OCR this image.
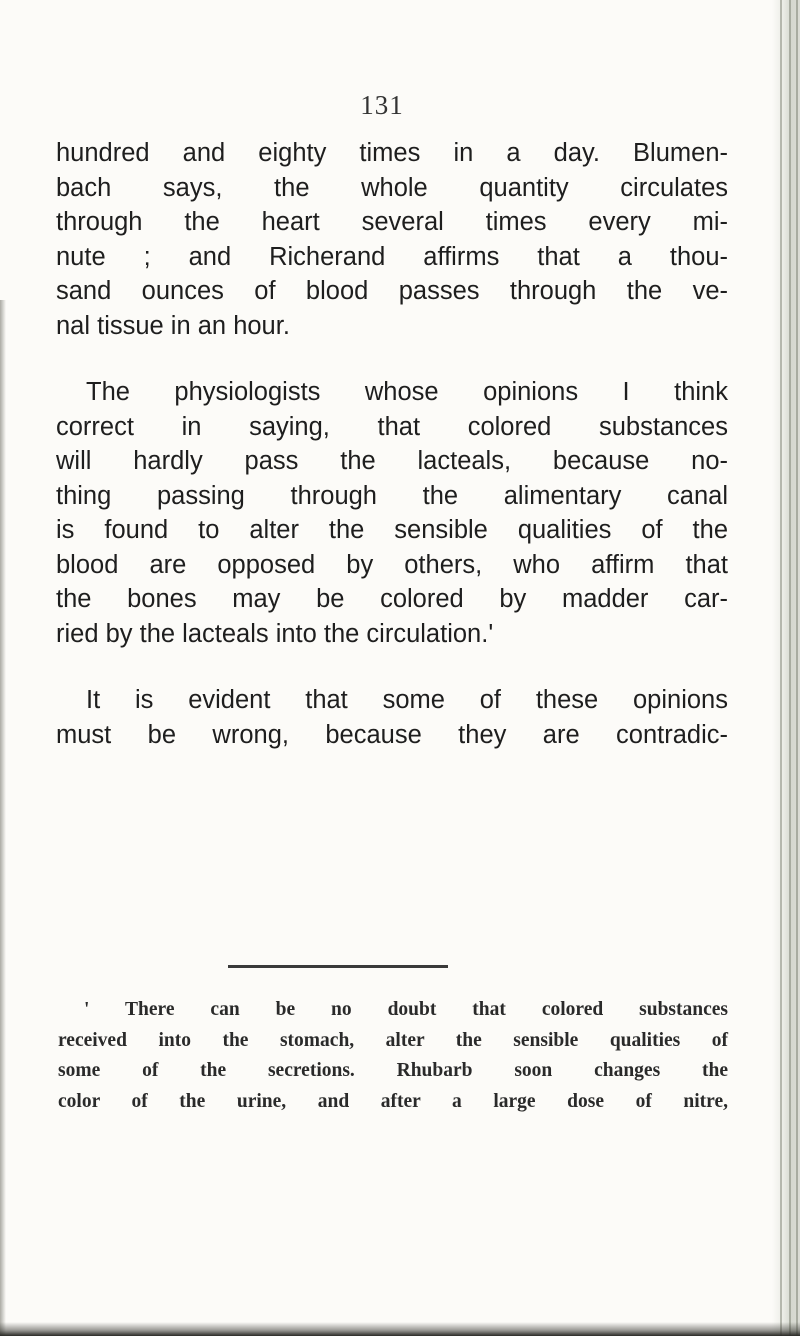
131
hundred and eighty times in a day. Blumen-
bach says, the whole quantity circulates
through the heart several times every mi-
nute ; and Richerand affirms that a thou-
sand ounces of blood passes through the ve-
nal tissue in an hour.
The physiologists whose opinions I think
correct in saying, that colored substances
will hardly pass the lacteals, because no-
thing passing through the alimentary canal
is found to alter the sensible qualities of the
blood are opposed by others, who affirm that
the bones may be colored by madder car-
ried by the lacteals into the circulation.'
It is evident that some of these opinions
must be wrong, because they are contradic-
' There can be no doubt that colored substances
received into the stomach, alter the sensible qualities of
some of the secretions. Rhubarb soon changes the
color of the urine, and after a large dose of nitre,
